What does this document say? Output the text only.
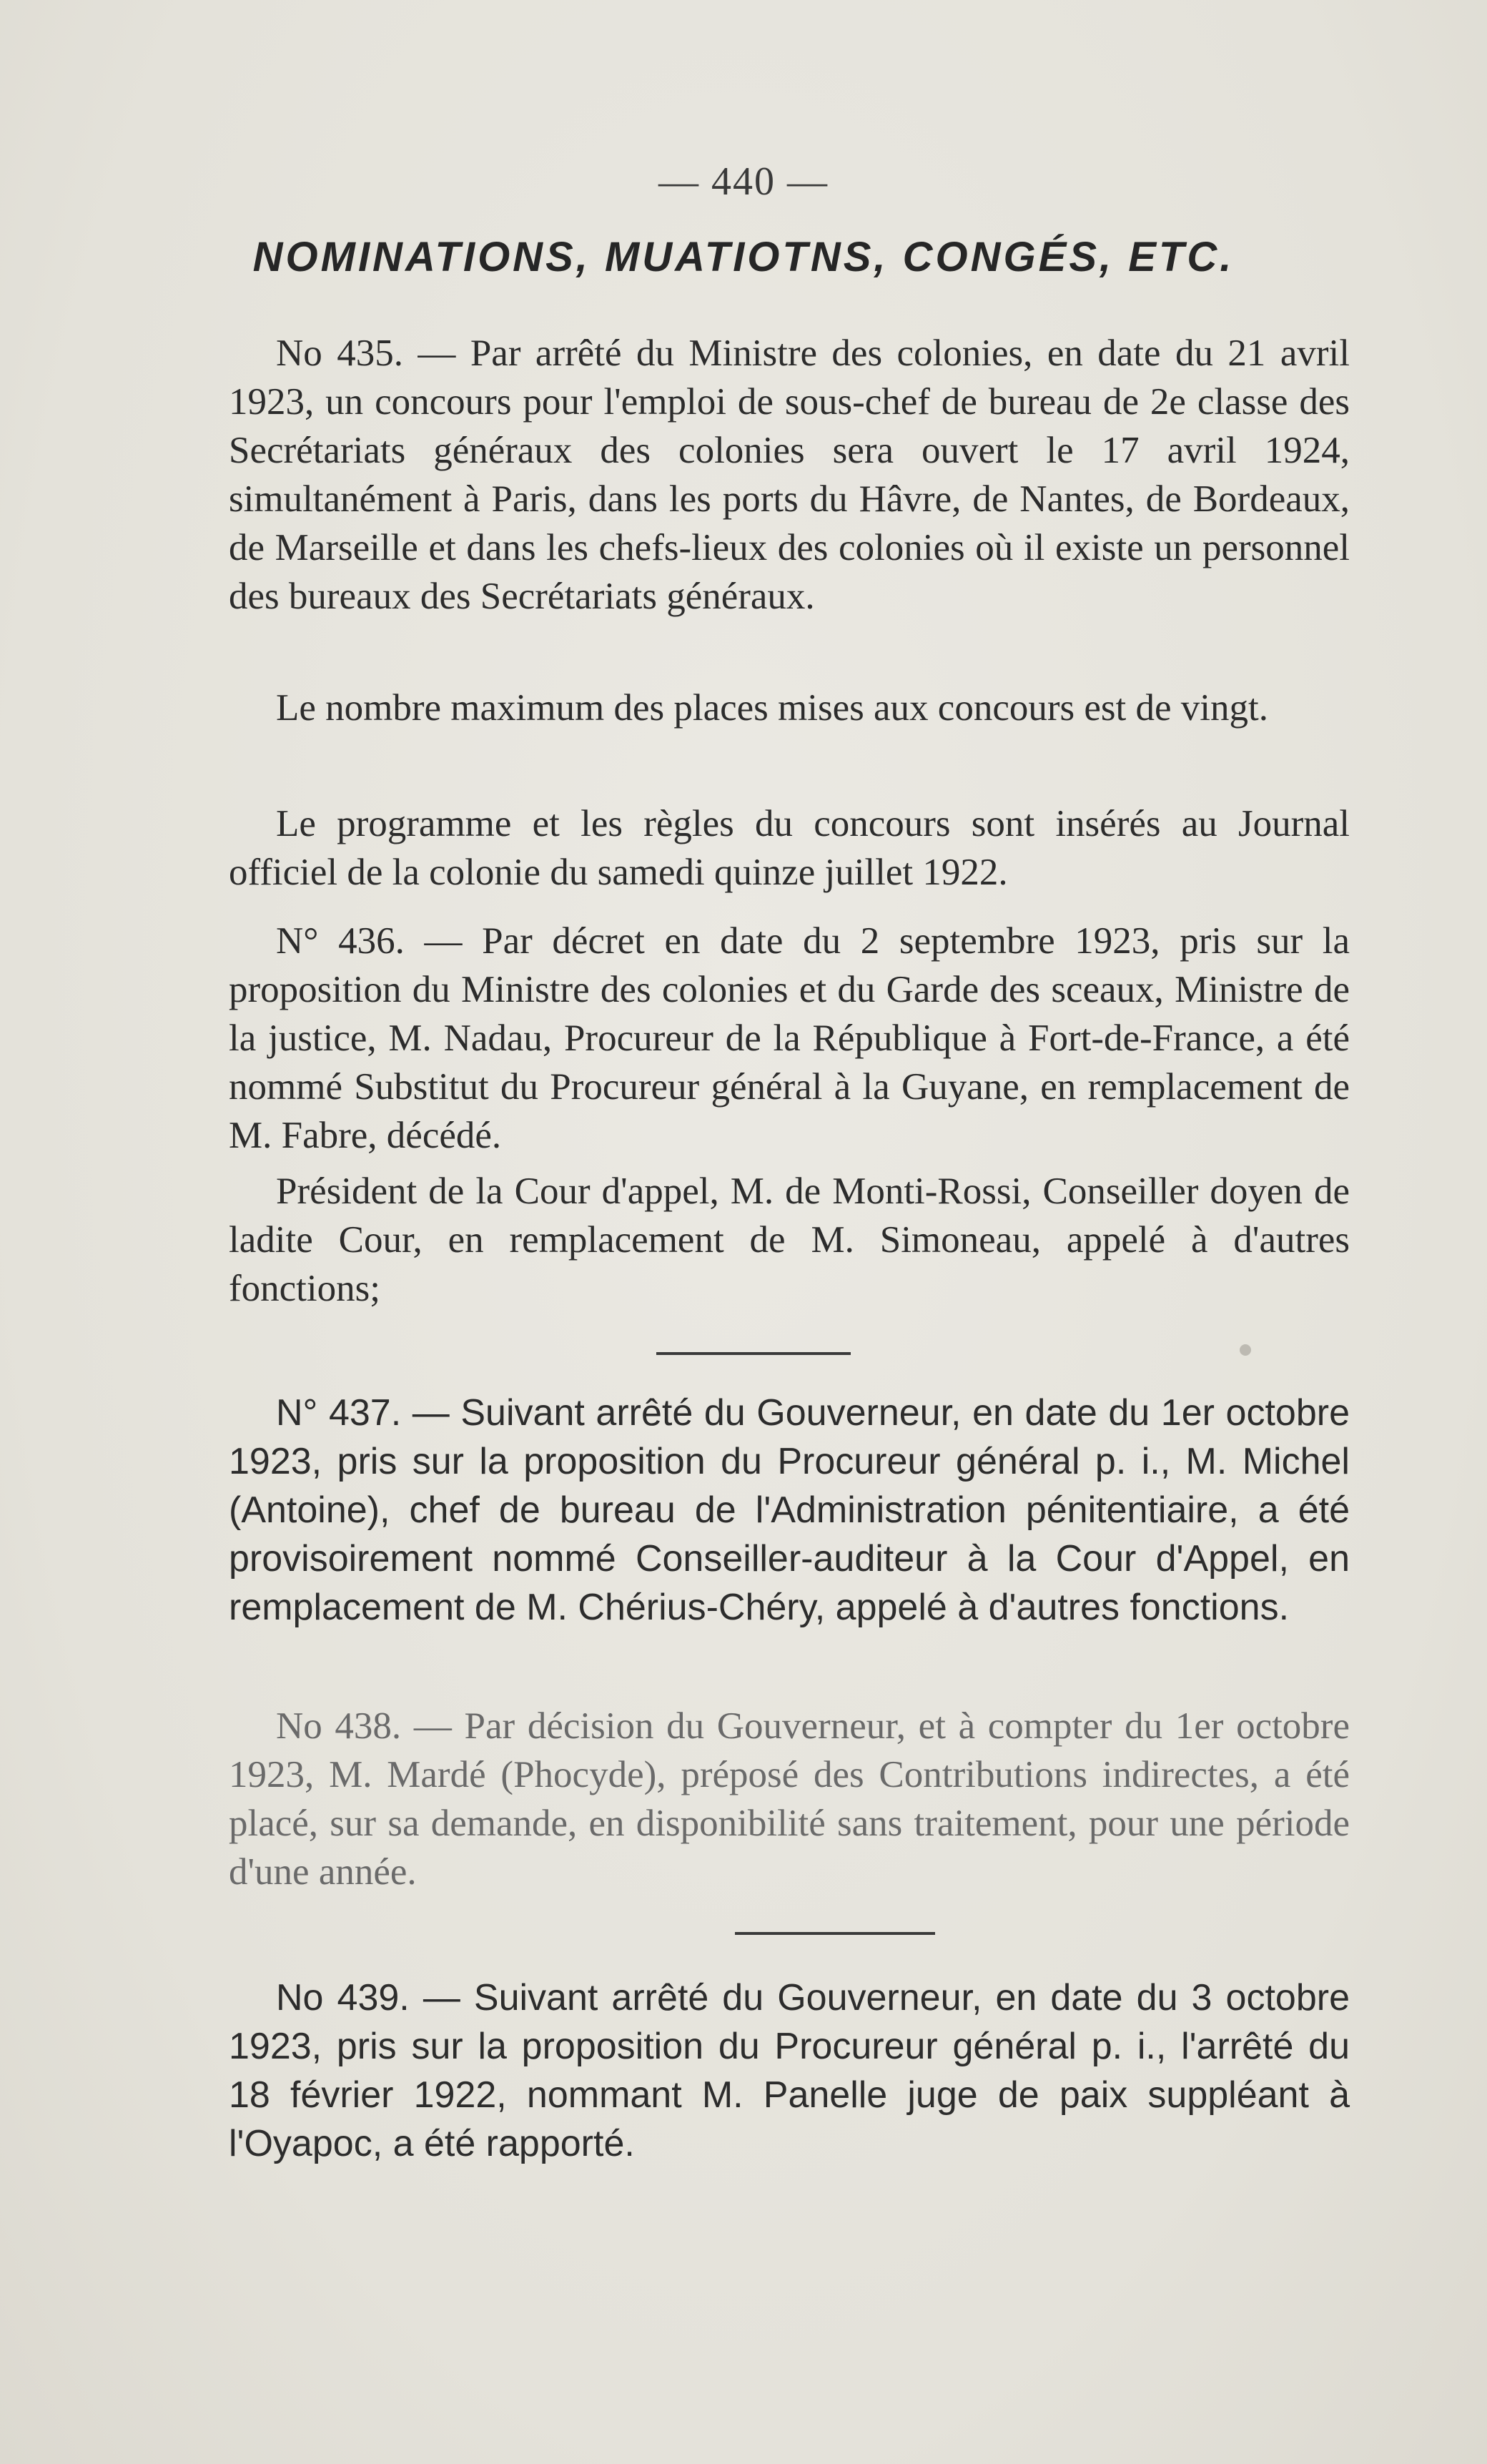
— 440 —
NOMINATIONS, MUATIOTNS, CONGÉS, ETC.

No 435. — Par arrêté du Ministre des colonies, en date du 21 avril 1923, un concours pour l'emploi de sous-chef de bureau de 2e classe des Secrétariats généraux des colonies sera ouvert le 17 avril 1924, simultanément à Paris, dans les ports du Hâvre, de Nantes, de Bordeaux, de Marseille et dans les chefs-lieux des colonies où il existe un personnel des bureaux des Secrétariats généraux.

Le nombre maximum des places mises aux concours est de vingt.

Le programme et les règles du concours sont insérés au Journal officiel de la colonie du samedi quinze juillet 1922.

N° 436. — Par décret en date du 2 septembre 1923, pris sur la proposition du Ministre des colonies et du Garde des sceaux, Ministre de la justice, M. Nadau, Procureur de la République à Fort-de-France, a été nommé Substitut du Procureur général à la Guyane, en remplacement de M. Fabre, décédé.

Président de la Cour d'appel, M. de Monti-Rossi, Conseiller doyen de ladite Cour, en remplacement de M. Simoneau, appelé à d'autres fonctions;

N° 437. — Suivant arrêté du Gouverneur, en date du 1er octobre 1923, pris sur la proposition du Procureur général p. i., M. Michel (Antoine), chef de bureau de l'Administration pénitentiaire, a été provisoirement nommé Conseiller-auditeur à la Cour d'Appel, en remplacement de M. Chérius-Chéry, appelé à d'autres fonctions.

No 438. — Par décision du Gouverneur, et à compter du 1er octobre 1923, M. Mardé (Phocyde), préposé des Contributions indirectes, a été placé, sur sa demande, en disponibilité sans traitement, pour une période d'une année.

No 439. — Suivant arrêté du Gouverneur, en date du 3 octobre 1923, pris sur la proposition du Procureur général p. i., l'arrêté du 18 février 1922, nommant M. Panelle juge de paix suppléant à l'Oyapoc, a été rapporté.
